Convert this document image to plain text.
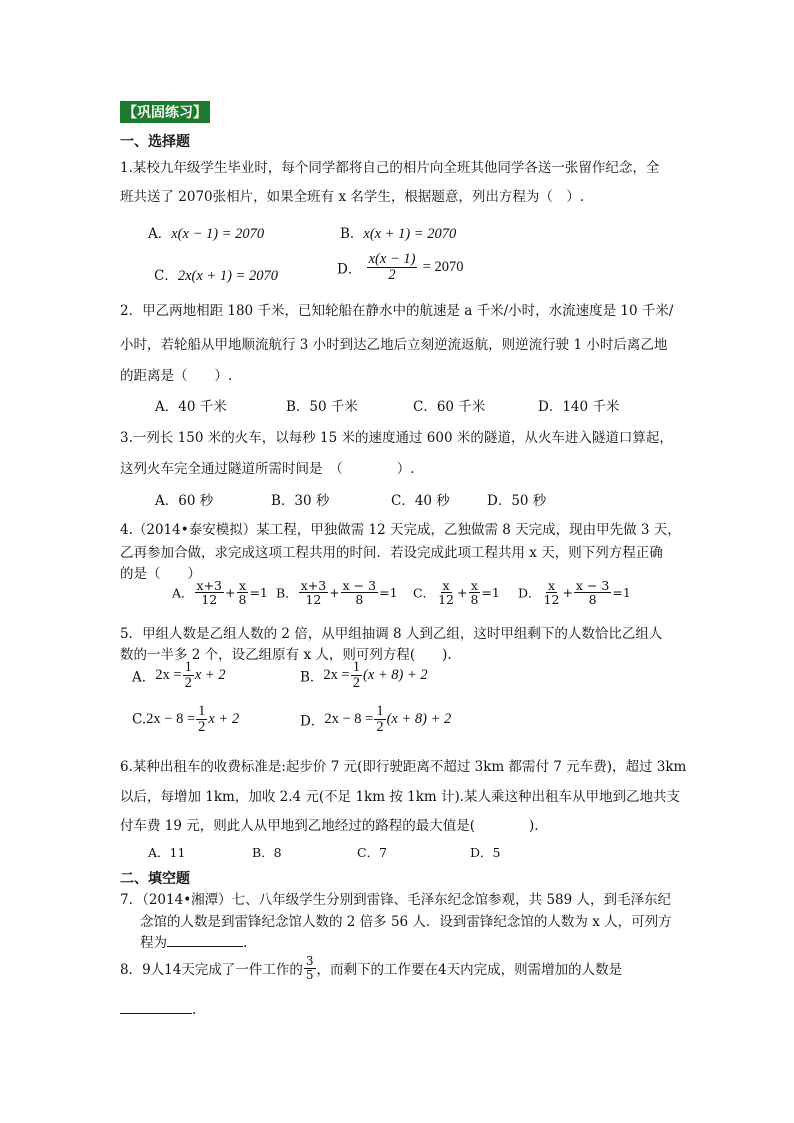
【巩固练习】
一、选择题
1.某校九年级学生毕业时，每个同学都将自己的相片向全班其他同学各送一张留作纪念，全
班共送了 2070张相片，如果全班有 x 名学生，根据题意，列出方程为（　）.
A．x(x − 1) = 2070	B．x(x + 1) = 2070
C．2x(x + 1) = 2070	D． $\frac{x(x - 1)}{2} = 2070$
2．甲乙两地相距 180 千米，已知轮船在静水中的航速是 a 千米/小时，水流速度是 10 千米/
小时，若轮船从甲地顺流航行 3 小时到达乙地后立刻逆流返航，则逆流行驶 1 小时后离乙地
的距离是（　　）.
A．40 千米	B．50 千米	C．60 千米	D．140 千米
3.一列长 150 米的火车，以每秒 15 米的速度通过 600 米的隧道，从火车进入隧道口算起，
这列火车完全通过隧道所需时间是　（　　　　）.
A．60 秒	B．30 秒	C．40 秒	D．50 秒
4.（2014•泰安模拟）某工程，甲独做需 12 天完成，乙独做需 8 天完成，现由甲先做 3 天，
乙再参加合做，求完成这项工程共用的时间．若设完成此项工程共用 x 天，则下列方程正确
的是（　　）
A． $\frac{x+3}{12} + \frac{x}{8} =1$ B． $\frac{x+3}{12} + \frac{x - 3}{8} =1$ C． $\frac{x}{12} + \frac{x}{8} =1$ D． $\frac{x}{12} + \frac{x - 3}{8} =1$
5．甲组人数是乙组人数的 2 倍，从甲组抽调 8 人到乙组，这时甲组剩下的人数恰比乙组人
数的一半多 2 个，设乙组原有 x 人，则可列方程(　　).
A．$2x = \frac{1}{2}$ x + 2	B．$2x = \frac{1}{2} (x + 8) + 2$
$C.2x - 8 = \frac{1}{2}$ x + 2	D．$2x - 8 = \frac{1}{2} (x + 8) + 2$
6.某种出租车的收费标准是:起步价 7 元(即行驶距离不超过 3km 都需付 7 元车费)，超过 3km
以后，每增加 1km，加收 2.4 元(不足 1km 按 1km 计).某人乘这种出租车从甲地到乙地共支
付车费 19 元，则此人从甲地到乙地经过的路程的最大值是(　　　　).
A．11	B．8	C．7	D．5
二、填空题
7．（2014•湘潭）七、八年级学生分别到雷锋、毛泽东纪念馆参观，共 589 人，到毛泽东纪
念馆的人数是到雷锋纪念馆人数的 2 倍多 56 人．设到雷锋纪念馆的人数为 x 人，可列方
程为	.
8．9人14天完成了一件工作的 $\frac{3}{5}$ ，而剩下的工作要在4天内完成，则需增加的人数是
.
